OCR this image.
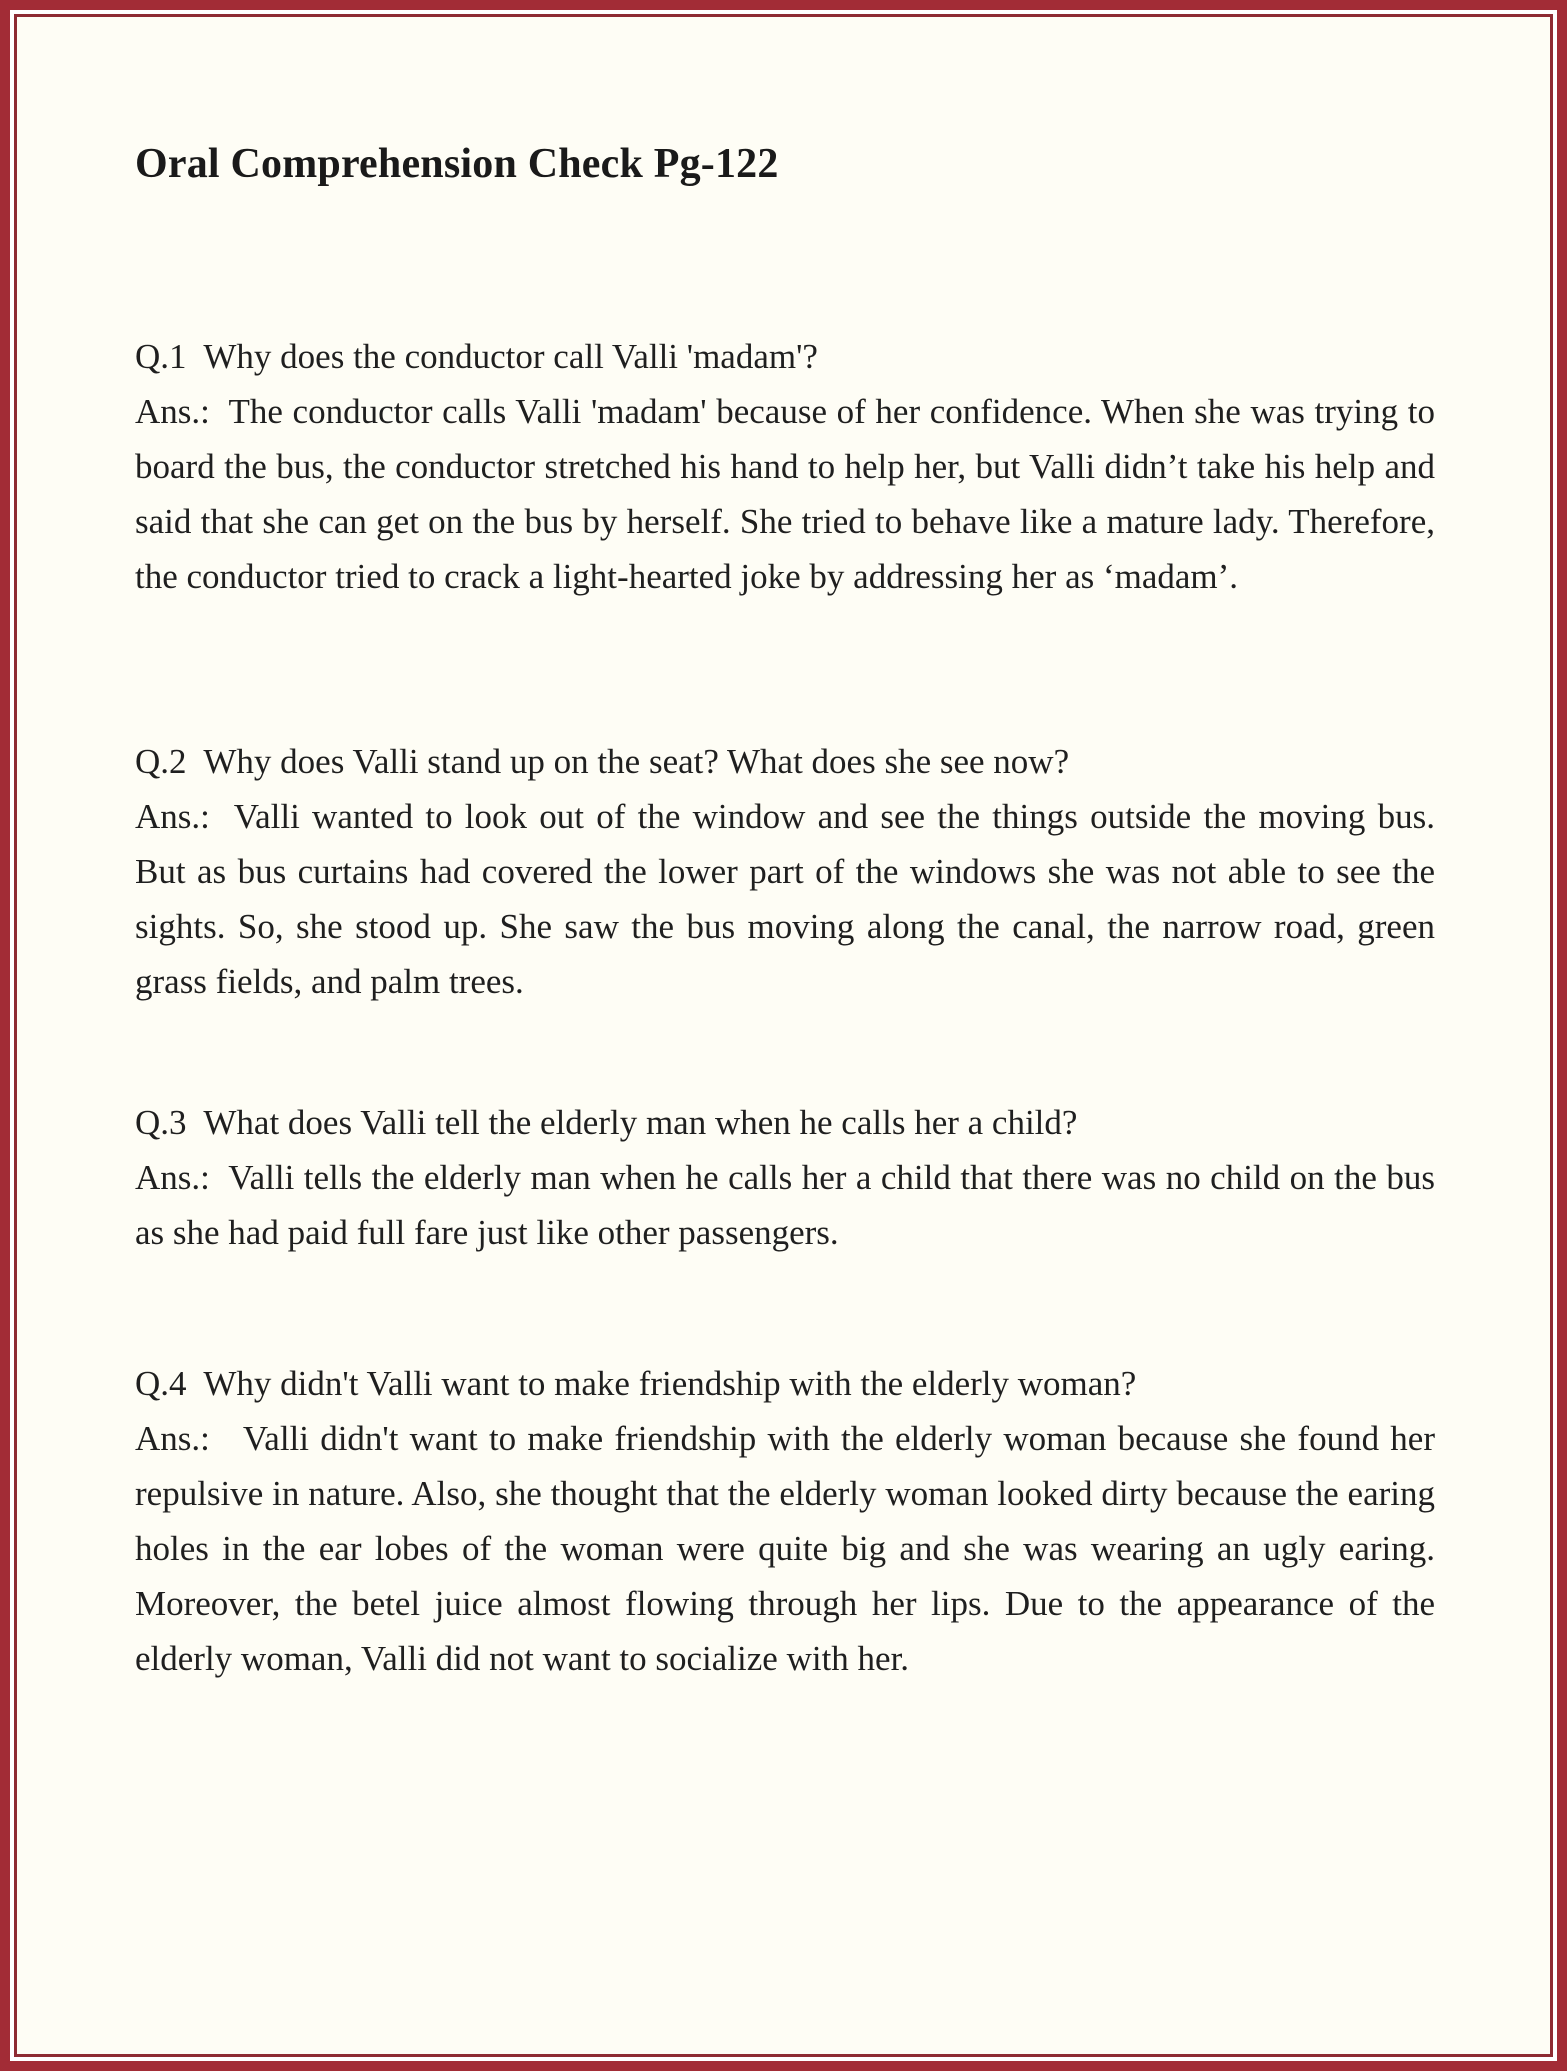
Oral Comprehension Check Pg-122

Q.1  Why does the conductor call Valli 'madam'?

Ans.:  The conductor calls Valli 'madam' because of her confidence. When she was trying to board the bus, the conductor stretched his hand to help her, but Valli didn’t take his help and said that she can get on the bus by herself. She tried to behave like a mature lady. Therefore, the conductor tried to crack a light-hearted joke by addressing her as ‘madam’.

Q.2  Why does Valli stand up on the seat? What does she see now?

Ans.:  Valli wanted to look out of the window and see the things outside the moving bus. But as bus curtains had covered the lower part of the windows she was not able to see the sights. So, she stood up. She saw the bus moving along the canal, the narrow road, green grass fields, and palm trees.

Q.3  What does Valli tell the elderly man when he calls her a child?

Ans.:  Valli tells the elderly man when he calls her a child that there was no child on the bus as she had paid full fare just like other passengers.

Q.4  Why didn't Valli want to make friendship with the elderly woman?

Ans.:   Valli didn't want to make friendship with the elderly woman because she found her repulsive in nature. Also, she thought that the elderly woman looked dirty because the earing holes in the ear lobes of the woman were quite big and she was wearing an ugly earing. Moreover, the betel juice almost flowing through her lips. Due to the appearance of the elderly woman, Valli did not want to socialize with her.
